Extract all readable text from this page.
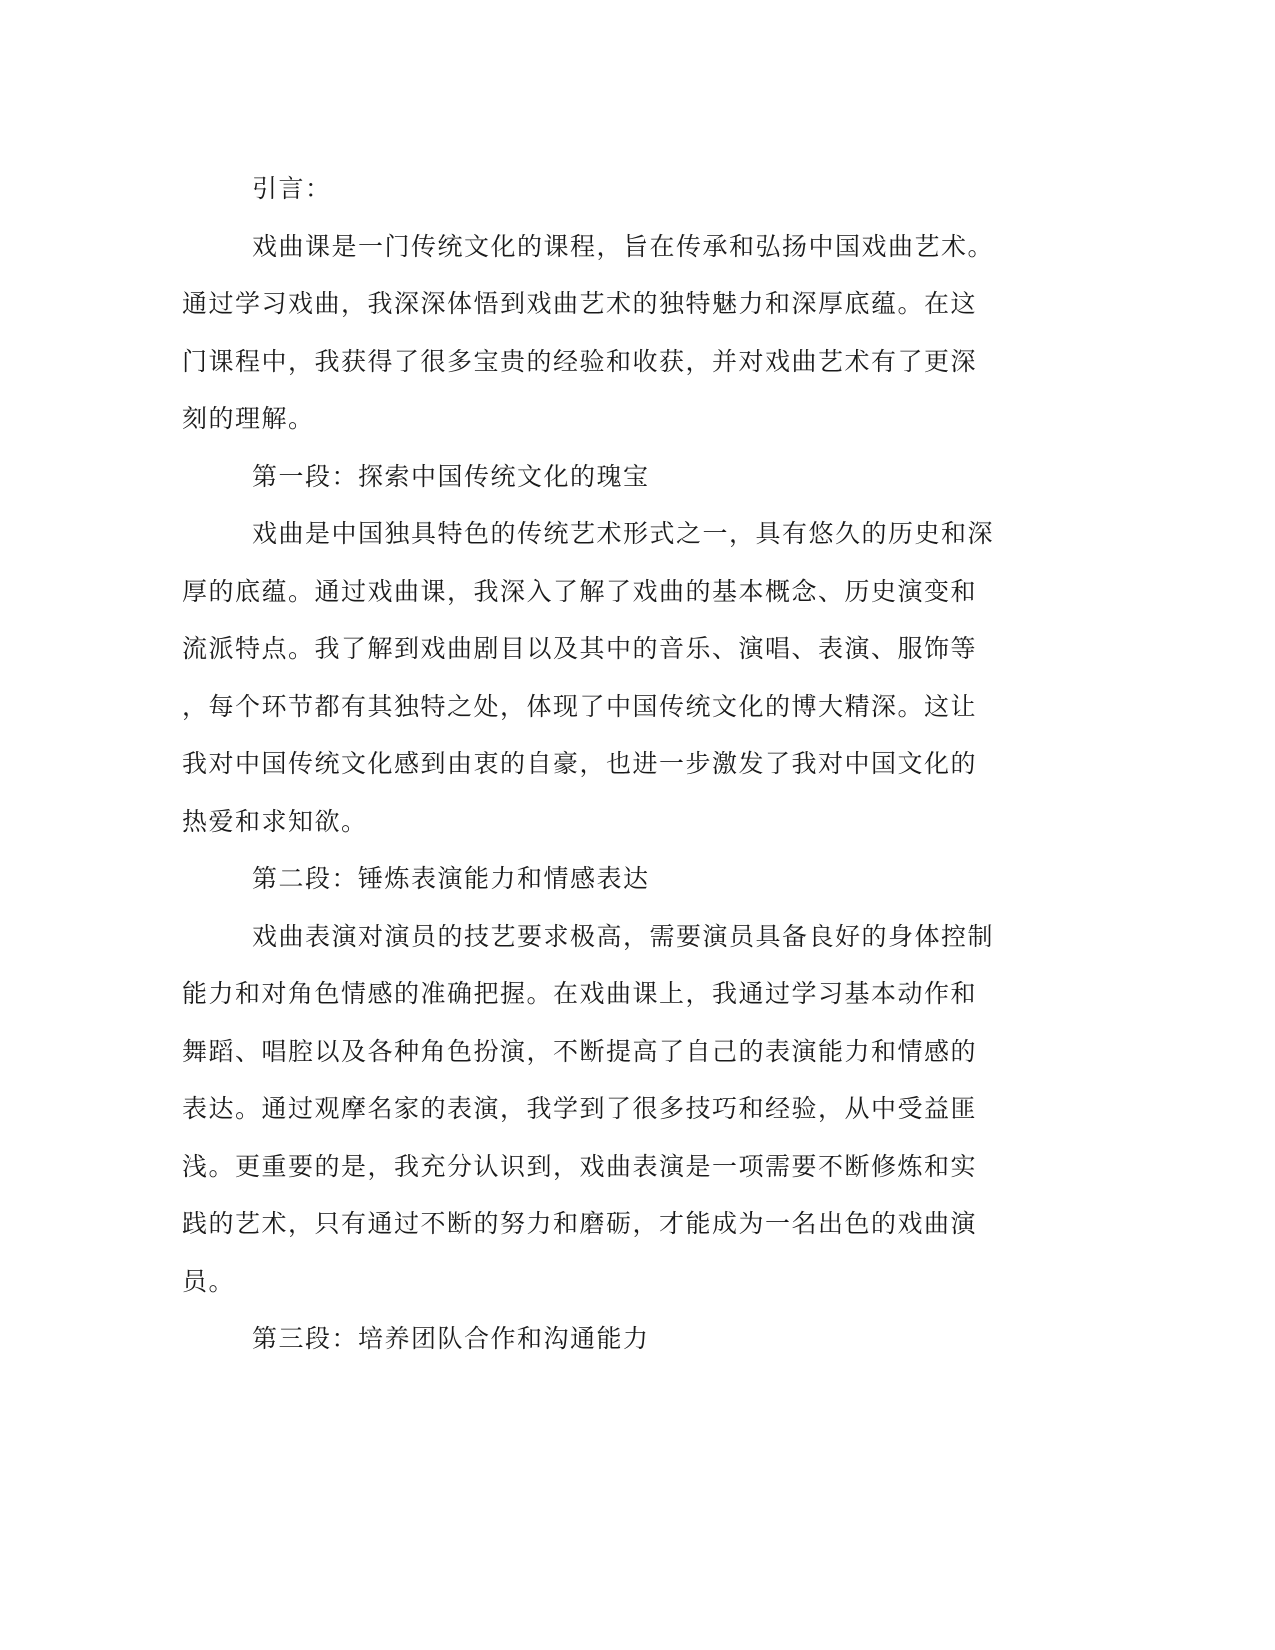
引言：
戏曲课是一门传统文化的课程，旨在传承和弘扬中国戏曲艺术。
通过学习戏曲，我深深体悟到戏曲艺术的独特魅力和深厚底蕴。在这
门课程中，我获得了很多宝贵的经验和收获，并对戏曲艺术有了更深
刻的理解。
第一段：探索中国传统文化的瑰宝
戏曲是中国独具特色的传统艺术形式之一，具有悠久的历史和深
厚的底蕴。通过戏曲课，我深入了解了戏曲的基本概念、历史演变和
流派特点。我了解到戏曲剧目以及其中的音乐、演唱、表演、服饰等
，每个环节都有其独特之处，体现了中国传统文化的博大精深。这让
我对中国传统文化感到由衷的自豪，也进一步激发了我对中国文化的
热爱和求知欲。
第二段：锤炼表演能力和情感表达
戏曲表演对演员的技艺要求极高，需要演员具备良好的身体控制
能力和对角色情感的准确把握。在戏曲课上，我通过学习基本动作和
舞蹈、唱腔以及各种角色扮演，不断提高了自己的表演能力和情感的
表达。通过观摩名家的表演，我学到了很多技巧和经验，从中受益匪
浅。更重要的是，我充分认识到，戏曲表演是一项需要不断修炼和实
践的艺术，只有通过不断的努力和磨砺，才能成为一名出色的戏曲演
员。
第三段：培养团队合作和沟通能力
